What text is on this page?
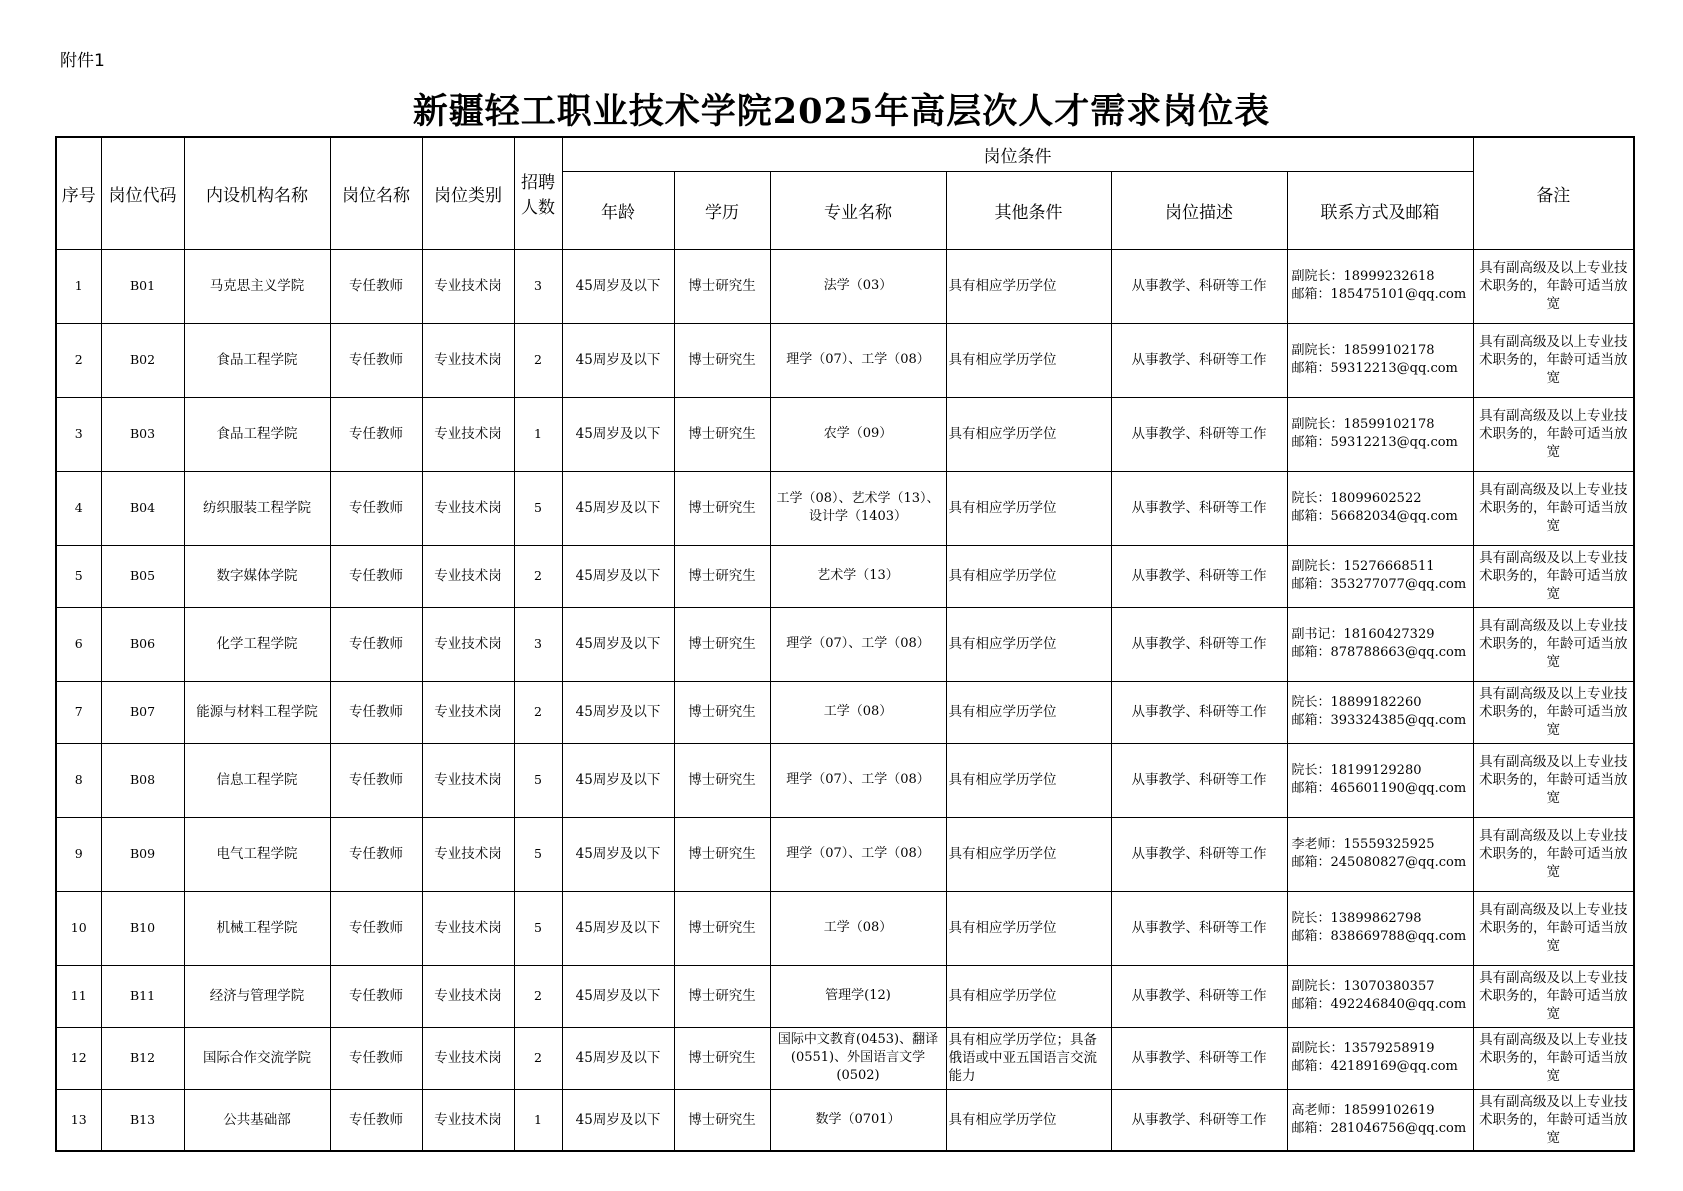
附件1
新疆轻工职业技术学院2025年高层次人才需求岗位表
序号	岗位代码	内设机构名称	岗位名称	岗位类别	招聘人数	岗位条件						备注
						年龄	学历	专业名称	其他条件	岗位描述	联系方式及邮箱	
1	B01	马克思主义学院	专任教师	专业技术岗	3	45周岁及以下	博士研究生	法学（03）	具有相应学历学位	从事教学、科研等工作	副院长：18999232618
邮箱：185475101@qq.com	具有副高级及以上专业技术职务的，年龄可适当放宽
2	B02	食品工程学院	专任教师	专业技术岗	2	45周岁及以下	博士研究生	理学（07）、工学（08）	具有相应学历学位	从事教学、科研等工作	副院长：18599102178
邮箱：59312213@qq.com	具有副高级及以上专业技术职务的，年龄可适当放宽
3	B03	食品工程学院	专任教师	专业技术岗	1	45周岁及以下	博士研究生	农学（09）	具有相应学历学位	从事教学、科研等工作	副院长：18599102178
邮箱：59312213@qq.com	具有副高级及以上专业技术职务的，年龄可适当放宽
4	B04	纺织服装工程学院	专任教师	专业技术岗	5	45周岁及以下	博士研究生	工学（08）、艺术学（13）、设计学（1403）	具有相应学历学位	从事教学、科研等工作	院长：18099602522
邮箱：56682034@qq.com	具有副高级及以上专业技术职务的，年龄可适当放宽
5	B05	数字媒体学院	专任教师	专业技术岗	2	45周岁及以下	博士研究生	艺术学（13）	具有相应学历学位	从事教学、科研等工作	副院长：15276668511
邮箱：353277077@qq.com	具有副高级及以上专业技术职务的，年龄可适当放宽
6	B06	化学工程学院	专任教师	专业技术岗	3	45周岁及以下	博士研究生	理学（07）、工学（08）	具有相应学历学位	从事教学、科研等工作	副书记：18160427329
邮箱：878788663@qq.com	具有副高级及以上专业技术职务的，年龄可适当放宽
7	B07	能源与材料工程学院	专任教师	专业技术岗	2	45周岁及以下	博士研究生	工学（08）	具有相应学历学位	从事教学、科研等工作	院长：18899182260
邮箱：393324385@qq.com	具有副高级及以上专业技术职务的，年龄可适当放宽
8	B08	信息工程学院	专任教师	专业技术岗	5	45周岁及以下	博士研究生	理学（07）、工学（08）	具有相应学历学位	从事教学、科研等工作	院长：18199129280
邮箱：465601190@qq.com	具有副高级及以上专业技术职务的，年龄可适当放宽
9	B09	电气工程学院	专任教师	专业技术岗	5	45周岁及以下	博士研究生	理学（07）、工学（08）	具有相应学历学位	从事教学、科研等工作	李老师：15559325925
邮箱：245080827@qq.com	具有副高级及以上专业技术职务的，年龄可适当放宽
10	B10	机械工程学院	专任教师	专业技术岗	5	45周岁及以下	博士研究生	工学（08）	具有相应学历学位	从事教学、科研等工作	院长：13899862798
邮箱：838669788@qq.com	具有副高级及以上专业技术职务的，年龄可适当放宽
11	B11	经济与管理学院	专任教师	专业技术岗	2	45周岁及以下	博士研究生	管理学(12)	具有相应学历学位	从事教学、科研等工作	副院长：13070380357
邮箱：492246840@qq.com	具有副高级及以上专业技术职务的，年龄可适当放宽
12	B12	国际合作交流学院	专任教师	专业技术岗	2	45周岁及以下	博士研究生	国际中文教育(0453)、翻译(0551)、外国语言文学(0502)	具有相应学历学位；具备俄语或中亚五国语言交流能力	从事教学、科研等工作	副院长：13579258919
邮箱：42189169@qq.com	具有副高级及以上专业技术职务的，年龄可适当放宽
13	B13	公共基础部	专任教师	专业技术岗	1	45周岁及以下	博士研究生	数学（0701）	具有相应学历学位	从事教学、科研等工作	高老师：18599102619
邮箱：281046756@qq.com	具有副高级及以上专业技术职务的，年龄可适当放宽
